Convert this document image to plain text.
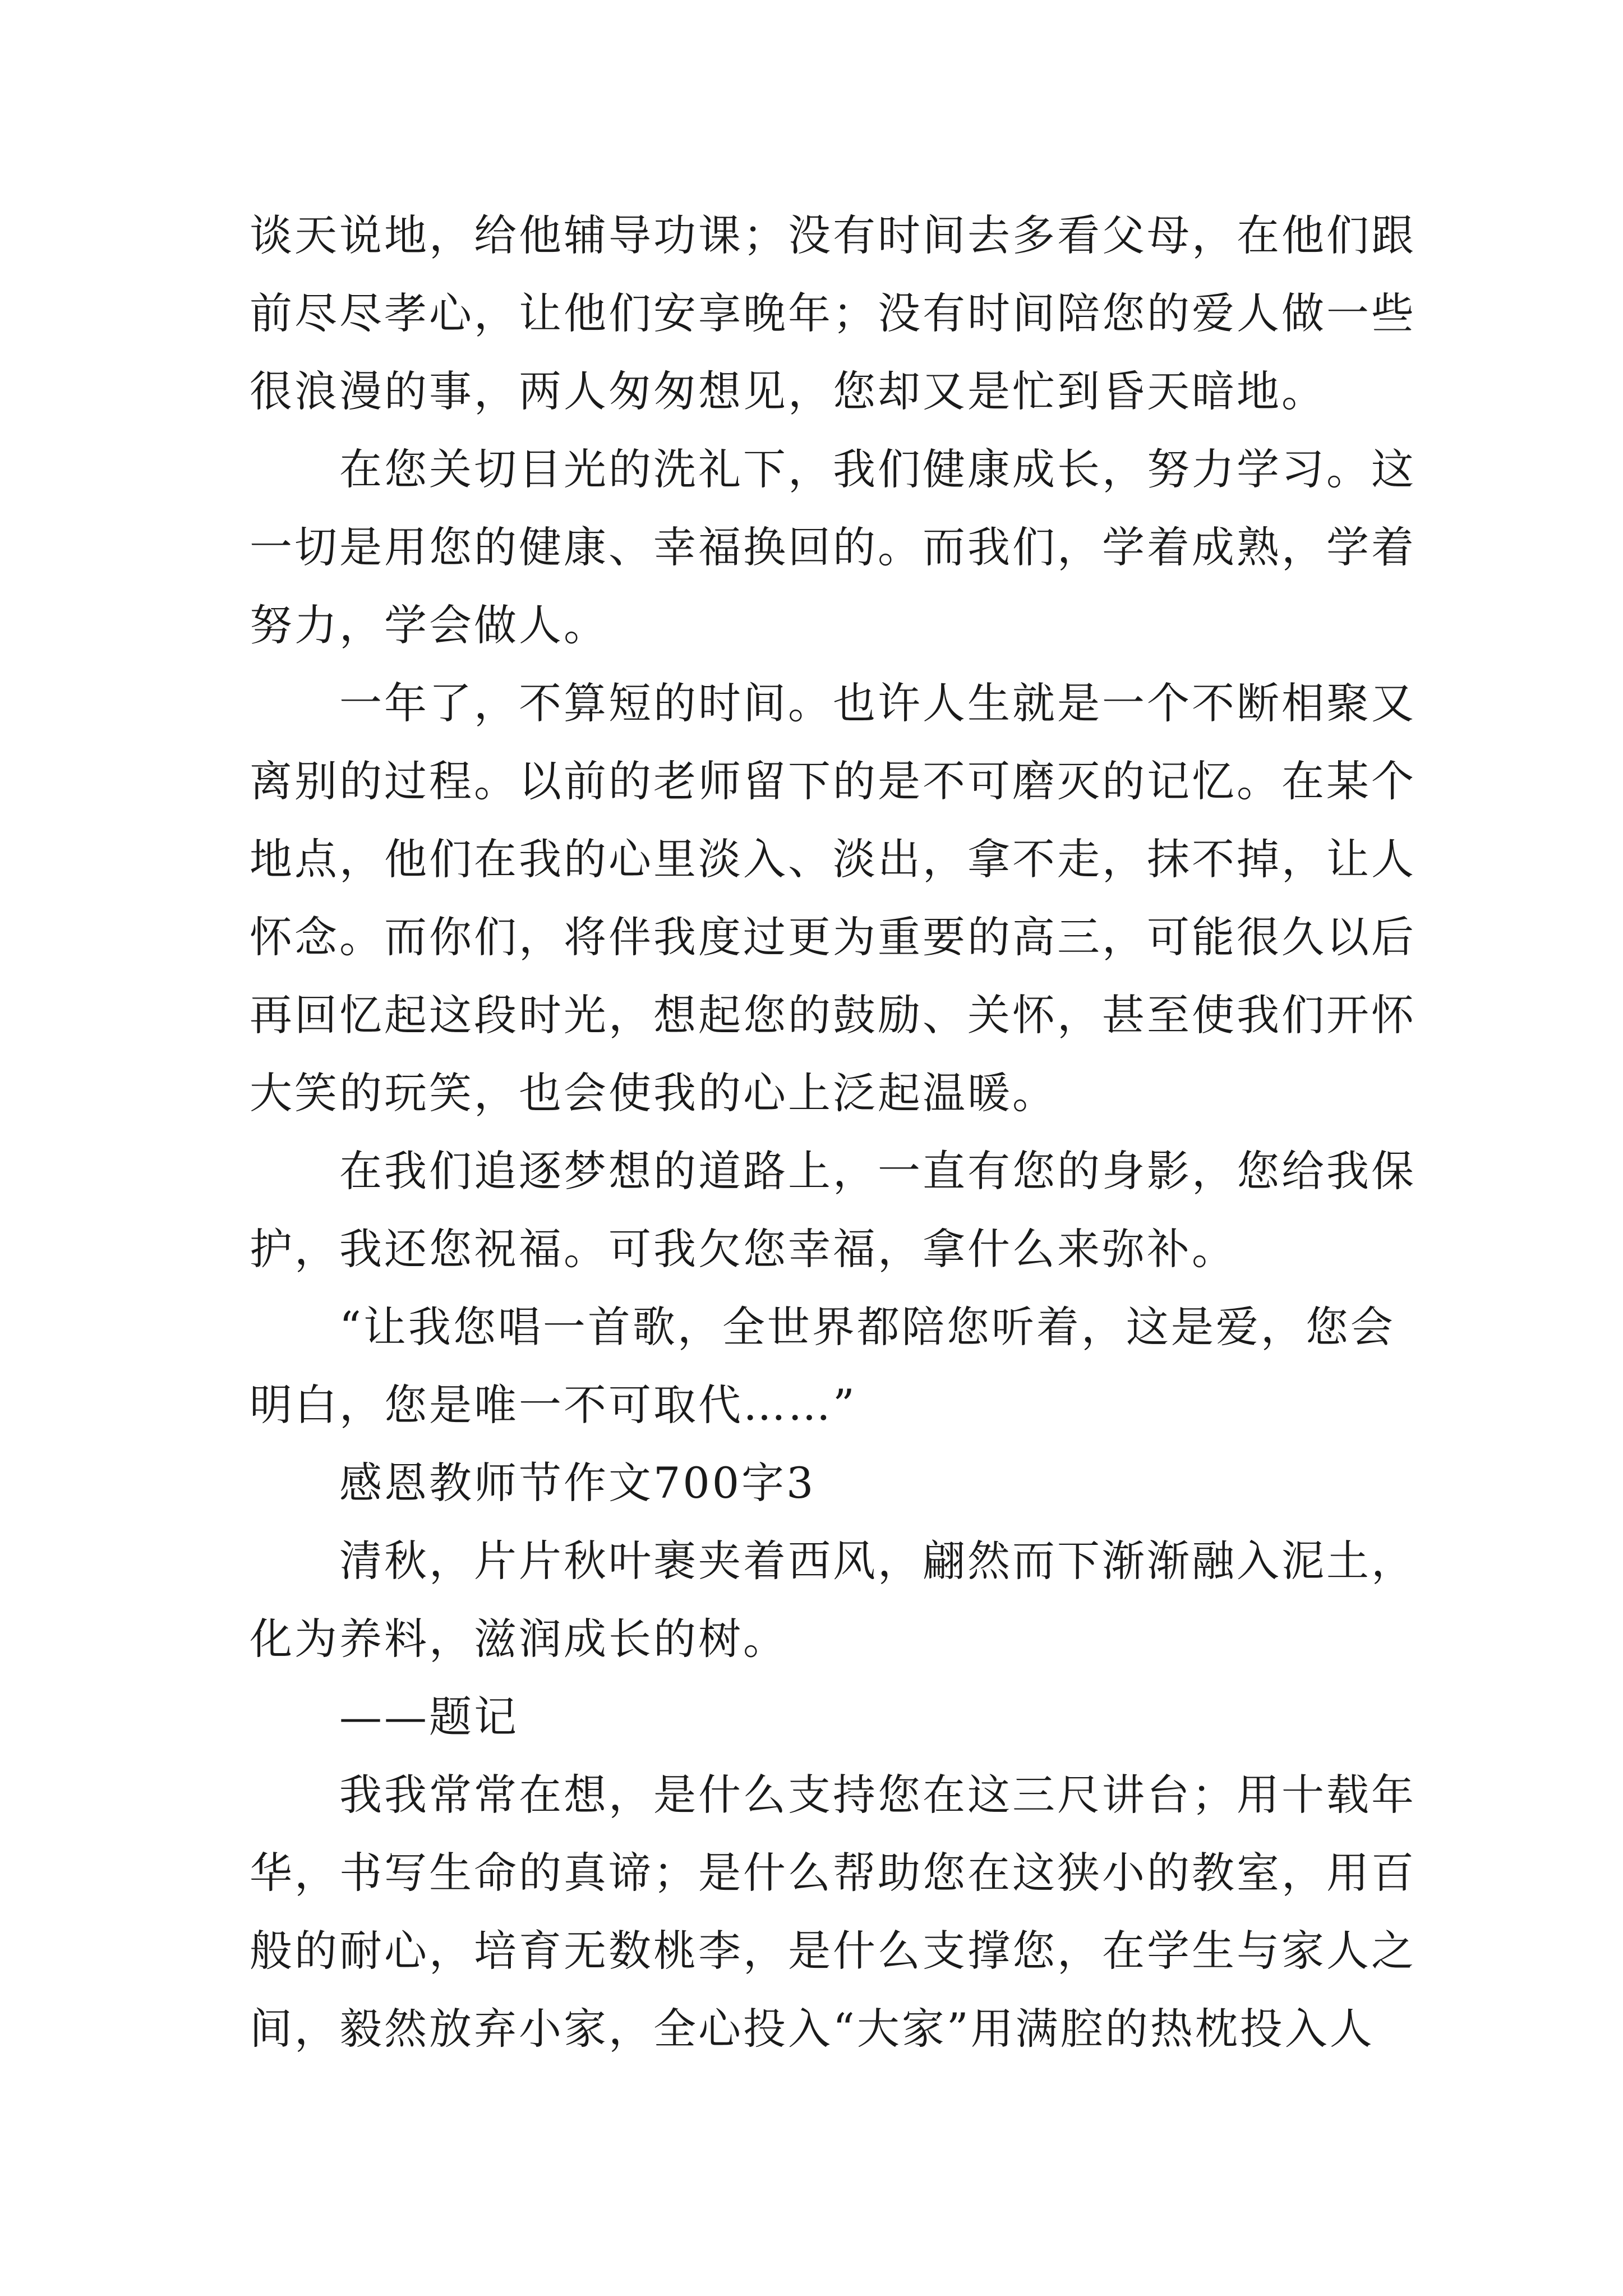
谈天说地，给他辅导功课；没有时间去多看父母，在他们跟
前尽尽孝心，让他们安享晚年；没有时间陪您的爱人做一些
很浪漫的事，两人匆匆想见，您却又是忙到昏天暗地。
在您关切目光的洗礼下，我们健康成长，努力学习。这
一切是用您的健康、幸福换回的。而我们，学着成熟，学着
努力，学会做人。
一年了，不算短的时间。也许人生就是一个不断相聚又
离别的过程。以前的老师留下的是不可磨灭的记忆。在某个
地点，他们在我的心里淡入、淡出，拿不走，抹不掉，让人
怀念。而你们，将伴我度过更为重要的高三，可能很久以后
再回忆起这段时光，想起您的鼓励、关怀，甚至使我们开怀
大笑的玩笑，也会使我的心上泛起温暖。
在我们追逐梦想的道路上，一直有您的身影，您给我保
护，我还您祝福。可我欠您幸福，拿什么来弥补。
“让我您唱一首歌，全世界都陪您听着，这是爱，您会
明白，您是唯一不可取代……”
感恩教师节作文700字3
清秋，片片秋叶裹夹着西风，翩然而下渐渐融入泥土，
化为养料，滋润成长的树。
——题记
我我常常在想，是什么支持您在这三尺讲台；用十载年
华，书写生命的真谛；是什么帮助您在这狭小的教室，用百
般的耐心，培育无数桃李，是什么支撑您，在学生与家人之
间，毅然放弃小家，全心投入“大家”用满腔的热枕投入人
